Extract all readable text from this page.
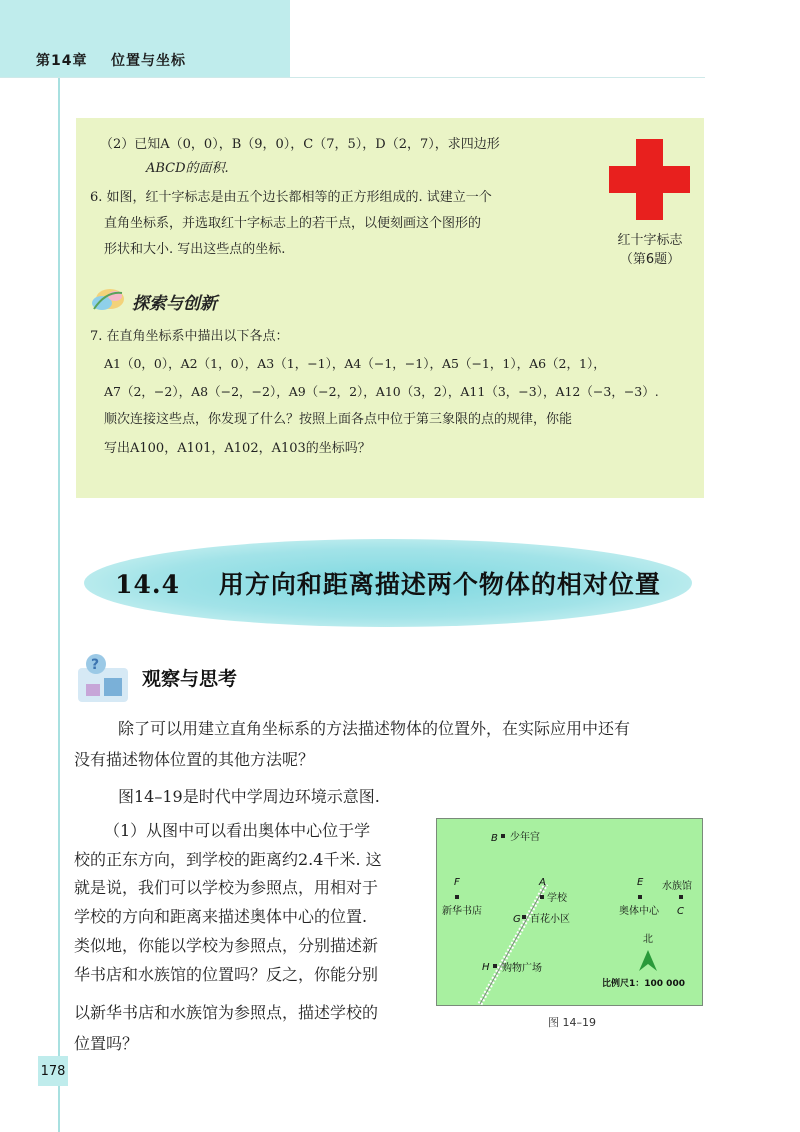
第14章    位置与坐标
（2）已知A（0，0），B（9，0），C（7，5），D（2，7），求四边形
ABCD的面积.
6. 如图，红十字标志是由五个边长都相等的正方形组成的. 试建立一个
直角坐标系，并选取红十字标志上的若干点，以便刻画这个图形的
形状和大小. 写出这些点的坐标.
红十字标志
（第6题）
探索与创新
7. 在直角坐标系中描出以下各点：
A1（0，0），A2（1，0），A3（1，−1），A4（−1，−1），A5（−1，1），A6（2，1），
A7（2，−2），A8（−2，−2），A9（−2，2），A10（3，2），A11（3，−3），A12（−3，−3）.
顺次连接这些点，你发现了什么？按照上面各点中位于第三象限的点的规律，你能
写出A100，A101，A102，A103的坐标吗？
14.4    用方向和距离描述两个物体的相对位置
?
观察与思考
除了可以用建立直角坐标系的方法描述物体的位置外，在实际应用中还有
没有描述物体位置的其他方法呢？
图14–19是时代中学周边环境示意图.
（1）从图中可以看出奥体中心位于学
校的正东方向，到学校的距离约2.4千米. 这
就是说，我们可以学校为参照点，用相对于
学校的方向和距离来描述奥体中心的位置.
类似地，你能以学校为参照点，分别描述新
华书店和水族馆的位置吗？反之，你能分别
以新华书店和水族馆为参照点，描述学校的
位置吗？
B 少年宫
F
新华书店
A
学校
G 百花小区
E
奥体中心
水族馆
C
H 购物广场
北
比例尺1：100 000
图 14–19
178
